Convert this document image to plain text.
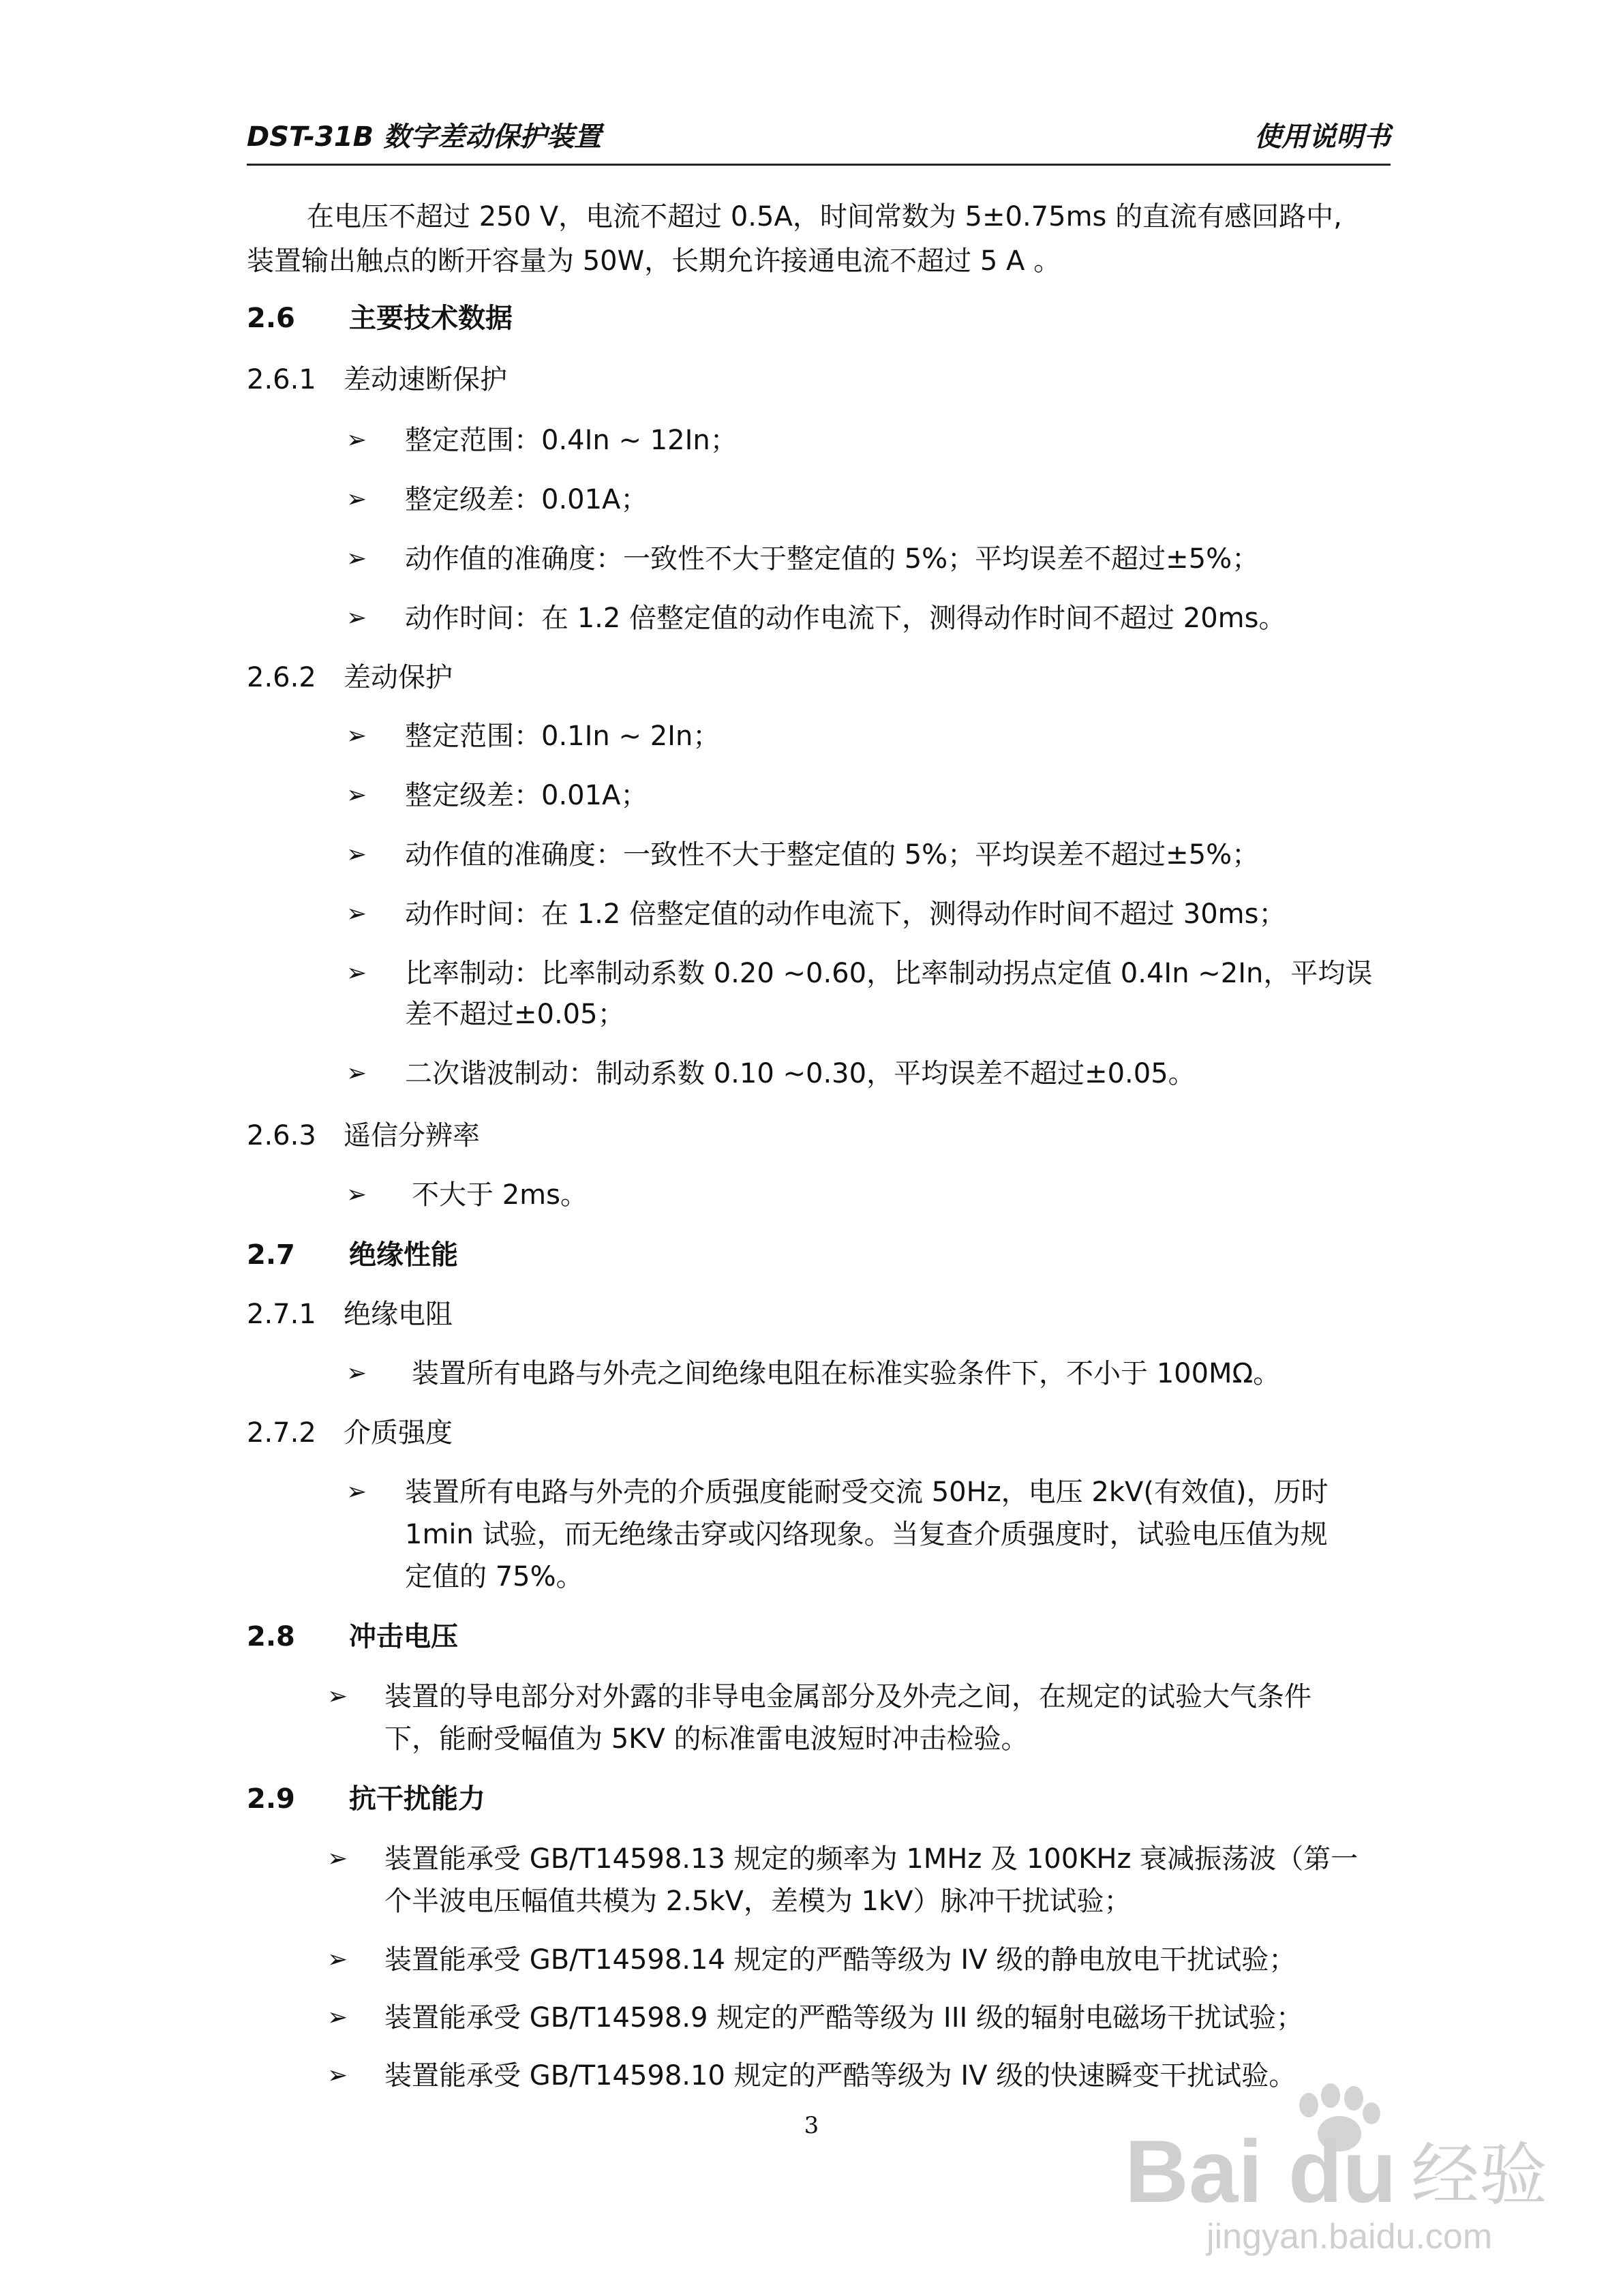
DST-31B 数字差动保护装置	使用说明书
在电压不超过 250 V，电流不超过 0.5A，时间常数为 5±0.75ms 的直流有感回路中,
装置输出触点的断开容量为 50W，长期允许接通电流不超过 5 A 。
2.6 主要技术数据
2.6.1 差动速断保护
➢ 整定范围：0.4In ~ 12In；
➢ 整定级差：0.01A；
➢ 动作值的准确度：一致性不大于整定值的 5%；平均误差不超过±5%；
➢ 动作时间：在 1.2 倍整定值的动作电流下，测得动作时间不超过 20ms。
2.6.2 差动保护
➢ 整定范围：0.1In ~ 2In；
➢ 整定级差：0.01A；
➢ 动作值的准确度：一致性不大于整定值的 5%；平均误差不超过±5%；
➢ 动作时间：在 1.2 倍整定值的动作电流下，测得动作时间不超过 30ms；
➢ 比率制动：比率制动系数 0.20 ~0.60，比率制动拐点定值 0.4In ~2In，平均误
差不超过±0.05；
➢ 二次谐波制动：制动系数 0.10 ~0.30，平均误差不超过±0.05。
2.6.3 遥信分辨率
➢ 不大于 2ms。
2.7 绝缘性能
2.7.1 绝缘电阻
➢ 装置所有电路与外壳之间绝缘电阻在标准实验条件下，不小于 100MΩ。
2.7.2 介质强度
➢ 装置所有电路与外壳的介质强度能耐受交流 50Hz，电压 2kV(有效值)，历时
1min 试验，而无绝缘击穿或闪络现象。当复查介质强度时，试验电压值为规
定值的 75%。
2.8 冲击电压
➢ 装置的导电部分对外露的非导电金属部分及外壳之间，在规定的试验大气条件
下，能耐受幅值为 5KV 的标准雷电波短时冲击检验。
2.9 抗干扰能力
➢ 装置能承受 GB/T14598.13 规定的频率为 1MHz 及 100KHz 衰减振荡波（第一
个半波电压幅值共模为 2.5kV，差模为 1kV）脉冲干扰试验；
➢ 装置能承受 GB/T14598.14 规定的严酷等级为 IV 级的静电放电干扰试验；
➢ 装置能承受 GB/T14598.9 规定的严酷等级为 III 级的辐射电磁场干扰试验；
➢ 装置能承受 GB/T14598.10 规定的严酷等级为 IV 级的快速瞬变干扰试验。
3	Bai du 经验
jingyan.baidu.com
